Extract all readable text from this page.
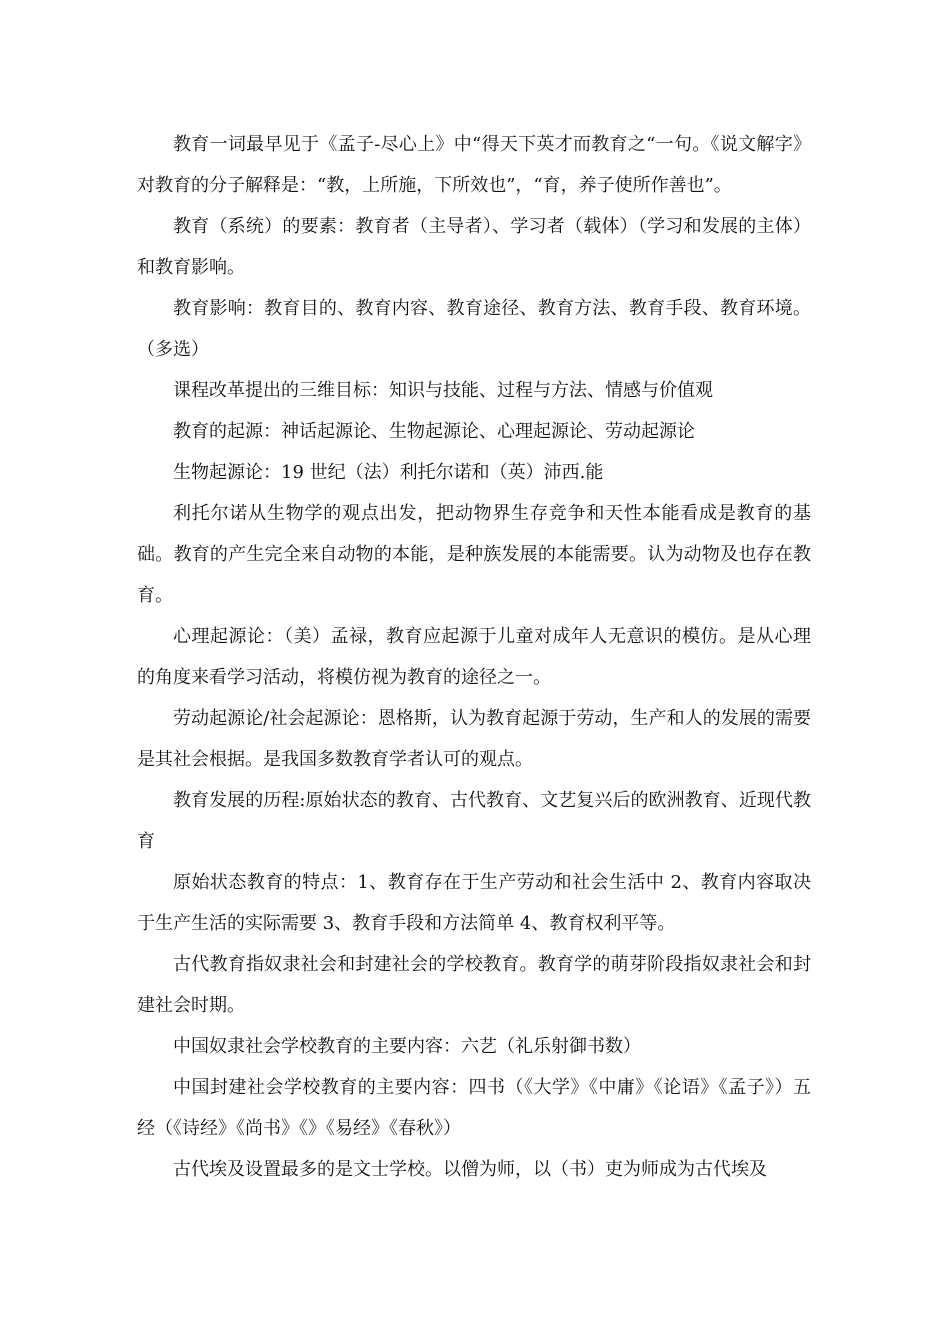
教育一词最早见于《孟子-尽心上》中“得天下英才而教育之“一句。《说文解字》对教育的分子解释是：“教，上所施，下所效也”，“育，养子使所作善也”。

教育（系统）的要素：教育者（主导者）、学习者（载体）（学习和发展的主体）和教育影响。

教育影响：教育目的、教育内容、教育途径、教育方法、教育手段、教育环境。（多选）

课程改革提出的三维目标：知识与技能、过程与方法、情感与价值观

教育的起源：神话起源论、生物起源论、心理起源论、劳动起源论

生物起源论：19 世纪（法）利托尔诺和（英）沛西.能

利托尔诺从生物学的观点出发，把动物界生存竞争和天性本能看成是教育的基础。教育的产生完全来自动物的本能，是种族发展的本能需要。认为动物及也存在教育。

心理起源论：（美）孟禄，教育应起源于儿童对成年人无意识的模仿。是从心理的角度来看学习活动，将模仿视为教育的途径之一。

劳动起源论/社会起源论：恩格斯，认为教育起源于劳动，生产和人的发展的需要是其社会根据。是我国多数教育学者认可的观点。

教育发展的历程:原始状态的教育、古代教育、文艺复兴后的欧洲教育、近现代教育

原始状态教育的特点：1、教育存在于生产劳动和社会生活中 2、教育内容取决于生产生活的实际需要 3、教育手段和方法简单 4、教育权利平等。

古代教育指奴隶社会和封建社会的学校教育。教育学的萌芽阶段指奴隶社会和封建社会时期。

中国奴隶社会学校教育的主要内容：六艺（礼乐射御书数）

中国封建社会学校教育的主要内容：四书（《大学》《中庸》《论语》《孟子》）五经（《诗经》《尚书》《》《易经》《春秋》）

古代埃及设置最多的是文士学校。以僧为师，以（书）吏为师成为古代埃及
